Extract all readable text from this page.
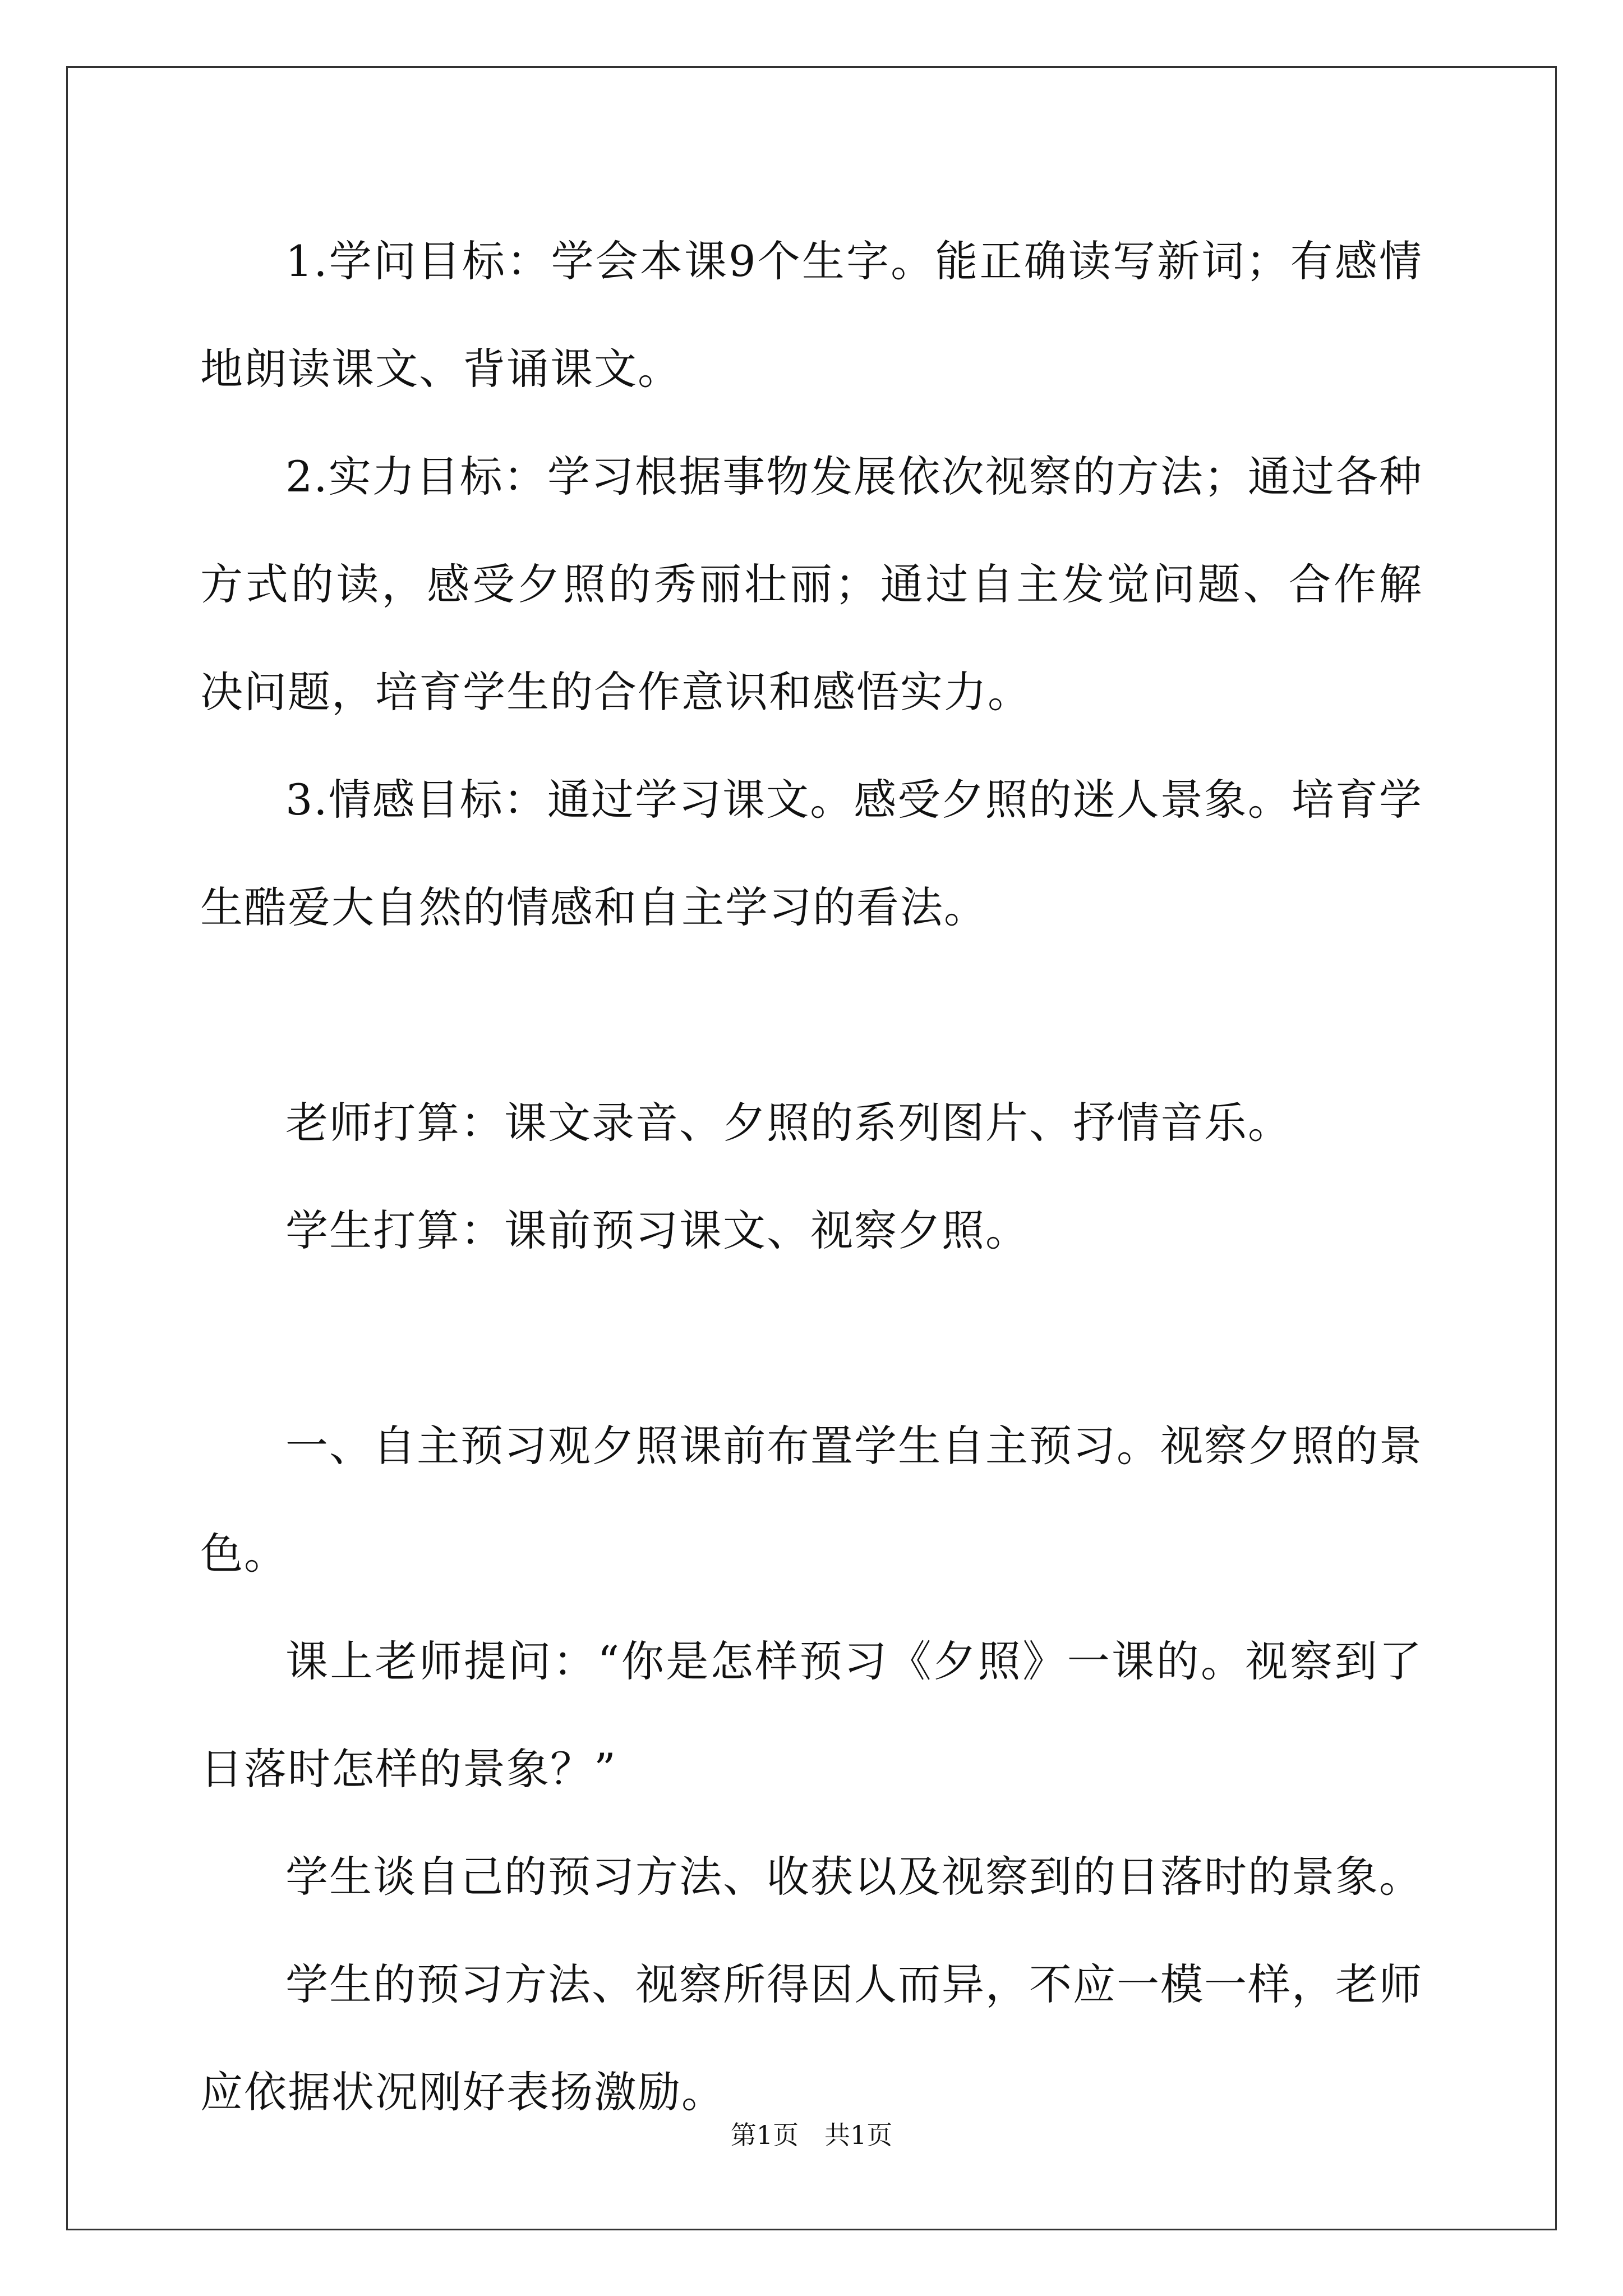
1.学问目标：学会本课9个生字。能正确读写新词；有感情地朗读课文、背诵课文。

2.实力目标：学习根据事物发展依次视察的方法；通过各种方式的读，感受夕照的秀丽壮丽；通过自主发觉问题、合作解决问题，培育学生的合作意识和感悟实力。

3.情感目标：通过学习课文。感受夕照的迷人景象。培育学生酷爱大自然的情感和自主学习的看法。

老师打算：课文录音、夕照的系列图片、抒情音乐。

学生打算：课前预习课文、视察夕照。

一、自主预习观夕照课前布置学生自主预习。视察夕照的景色。

课上老师提问：“你是怎样预习《夕照》一课的。视察到了日落时怎样的景象？”

学生谈自己的预习方法、收获以及视察到的日落时的景象。

学生的预习方法、视察所得因人而异，不应一模一样，老师应依据状况刚好表扬激励。

第1页　共1页
